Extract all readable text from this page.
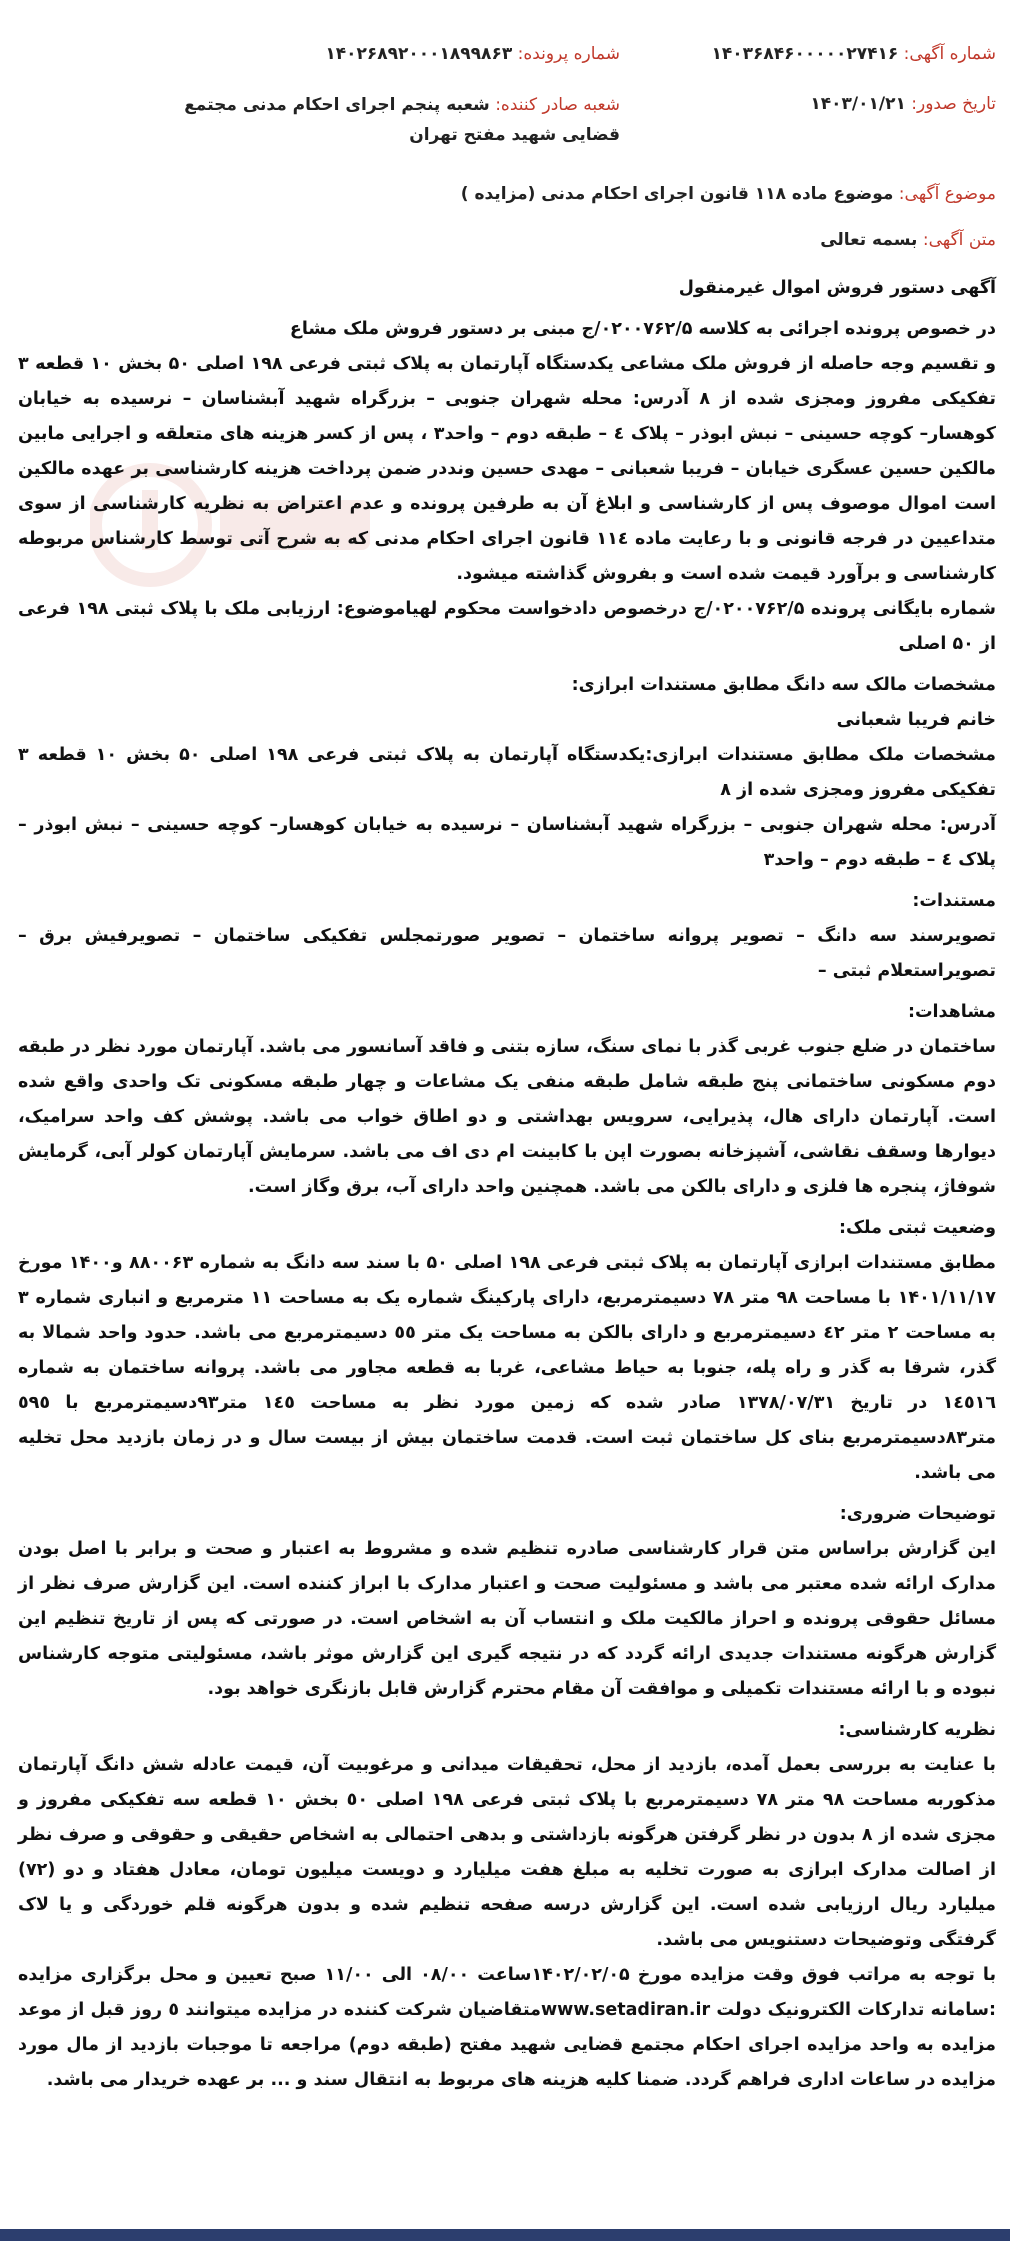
شماره آگهی: ۱۴۰۳۶۸۴۶۰۰۰۰۰۲۷۴۱۶
شماره پرونده: ۱۴۰۲۶۸۹۲۰۰۰۱۸۹۹۸۶۳
تاریخ صدور: ۱۴۰۳/۰۱/۲۱
شعبه صادر کننده: شعبه پنجم اجرای احکام مدنی مجتمع قضایی شهید مفتح تهران
موضوع آگهی: موضوع ماده ۱۱۸ قانون اجرای احکام مدنی (مزایده )
متن آگهی: بسمه تعالی

آگهی دستور فروش اموال غیرمنقول

در خصوص پرونده اجرائی به کلاسه ۰۲۰۰۷۶۲/۵/ج مبنی بر دستور فروش ملک مشاع

و تقسیم وجه حاصله از فروش ملک مشاعی یکدستگاه آپارتمان به پلاک ثبتی فرعی ۱۹۸ اصلی ۵۰ بخش ۱۰ قطعه ۳ تفکیکی مفروز ومجزی شده از ۸ آدرس: محله شهران جنوبی – بزرگراه شهید آبشناسان – نرسیده به خیابان کوهسار– کوچه حسینی – نبش ابوذر – پلاک ٤ – طبقه دوم – واحد۳ ، پس از کسر هزینه های متعلقه و اجرایی مابین مالکین حسین عسگری خیابان – فریبا شعبانی – مهدی حسین ونددر ضمن پرداخت هزینه کارشناسی بر عهده مالکین است اموال موصوف پس از کارشناسی و ابلاغ آن به طرفین پرونده و عدم اعتراض به نظریه کارشناسی از سوی متداعیین در فرجه قانونی و با رعایت ماده ١١٤ قانون اجرای احکام مدنی که به شرح آتی توسط کارشناس مربوطه کارشناسی و برآورد قیمت شده است و بفروش گذاشته میشود.

شماره بایگانی پرونده ۰۲۰۰۷۶۲/۵/ج درخصوص دادخواست محکوم لهیاموضوع: ارزیابی ملک با پلاک ثبتی ۱۹۸ فرعی از ۵۰ اصلی

مشخصات مالک سه دانگ مطابق مستندات ابرازی:

خانم فریبا شعبانی

مشخصات ملک مطابق مستندات ابرازی:یکدستگاه آپارتمان به پلاک ثبتی فرعی ۱۹۸ اصلی ۵۰ بخش ۱۰ قطعه ۳ تفکیکی مفروز ومجزی شده از ۸

آدرس: محله شهران جنوبی – بزرگراه شهید آبشناسان – نرسیده به خیابان کوهسار– کوچه حسینی – نبش ابوذر – پلاک ٤ – طبقه دوم – واحد۳

مستندات:

تصویرسند سه دانگ – تصویر پروانه ساختمان – تصویر صورتمجلس تفکیکی ساختمان – تصویرفیش برق – تصویراستعلام ثبتی –

مشاهدات:

ساختمان در ضلع جنوب غربی گذر با نمای سنگ، سازه بتنی و فاقد آسانسور می باشد. آپارتمان مورد نظر در طبقه دوم مسکونی ساختمانی پنج طبقه شامل طبقه منفی یک مشاعات و چهار طبقه مسکونی تک واحدی واقع شده است. آپارتمان دارای هال، پذیرایی، سرویس بهداشتی و دو اطاق خواب می باشد. پوشش کف واحد سرامیک، دیوارها وسقف نقاشی، آشپزخانه بصورت اپن با کابینت ام دی اف می باشد. سرمایش آپارتمان کولر آبی، گرمایش شوفاژ، پنجره ها فلزی و دارای بالکن می باشد. همچنین واحد دارای آب، برق وگاز است.

وضعیت ثبتی ملک:

مطابق مستندات ابرازی آپارتمان به پلاک ثبتی فرعی ۱۹۸ اصلی ۵۰ با سند سه دانگ به شماره ۸۸۰۰۶۳ و۱۴۰۰ مورخ ۱۴۰۱/۱۱/۱۷ با مساحت ۹۸ متر ۷۸ دسیمترمربع، دارای پارکینگ شماره یک به مساحت ۱۱ مترمربع و انباری شماره ۳ به مساحت ۲ متر ٤٢ دسیمترمربع و دارای بالکن به مساحت یک متر ٥٥ دسیمترمربع می باشد. حدود واحد شمالا به گذر، شرقا به گذر و راه پله، جنوبا به حیاط مشاعی، غربا به قطعه مجاور می باشد. پروانه ساختمان به شماره ١٤٥١٦ در تاریخ ۱۳۷۸/۰۷/۳۱ صادر شده که زمین مورد نظر به مساحت ١٤٥ متر۹۳دسیمترمربع با ٥٩٥ متر۸۳دسیمترمربع بنای کل ساختمان ثبت است. قدمت ساختمان بیش از بیست سال و در زمان بازدید محل تخلیه می باشد.

توضیحات ضروری:

این گزارش براساس متن قرار کارشناسی صادره تنظیم شده و مشروط به اعتبار و صحت و برابر با اصل بودن مدارک ارائه شده معتبر می باشد و مسئولیت صحت و اعتبار مدارک با ابراز کننده است. این گزارش صرف نظر از مسائل حقوقی پرونده و احراز مالکیت ملک و انتساب آن به اشخاص است. در صورتی که پس از تاریخ تنظیم این گزارش هرگونه مستندات جدیدی ارائه گردد که در نتیجه گیری این گزارش موثر باشد، مسئولیتی متوجه کارشناس نبوده و با ارائه مستندات تکمیلی و موافقت آن مقام محترم گزارش قابل بازنگری خواهد بود.

نظریه کارشناسی:

با عنایت به بررسی بعمل آمده، بازدید از محل، تحقیقات میدانی و مرغوبیت آن، قیمت عادله شش دانگ آپارتمان مذکوربه مساحت ۹۸ متر ۷۸ دسیمترمربع با پلاک ثبتی فرعی ۱۹۸ اصلی ٥٠ بخش ۱۰ قطعه سه تفکیکی مفروز و مجزی شده از ۸ بدون در نظر گرفتن هرگونه بازداشتی و بدهی احتمالی به اشخاص حقیقی و حقوقی و صرف نظر از اصالت مدارک ابرازی به صورت تخلیه به مبلغ هفت میلیارد و دویست میلیون تومان، معادل هفتاد و دو (۷۲) میلیارد ریال ارزیابی شده است. این گزارش درسه صفحه تنظیم شده و بدون هرگونه قلم خوردگی و یا لاک گرفتگی وتوضیحات دستنویس می باشد.

با توجه به مراتب فوق وقت مزایده مورخ ۱۴۰۲/۰۲/۰۵ساعت ۰۸/۰۰ الی ۱۱/۰۰ صبح تعیین و محل برگزاری مزایده :سامانه تدارکات الکترونیک دولت www.setadiran.irمتقاضیان شرکت کننده در مزایده میتوانند ٥ روز قبل از موعد مزایده به واحد مزایده اجرای احکام مجتمع قضایی شهید مفتح (طبقه دوم) مراجعه تا موجبات بازدید از مال مورد مزایده در ساعات اداری فراهم گردد. ضمنا کلیه هزینه های مربوط به انتقال سند و ... بر عهده خریدار می باشد.
